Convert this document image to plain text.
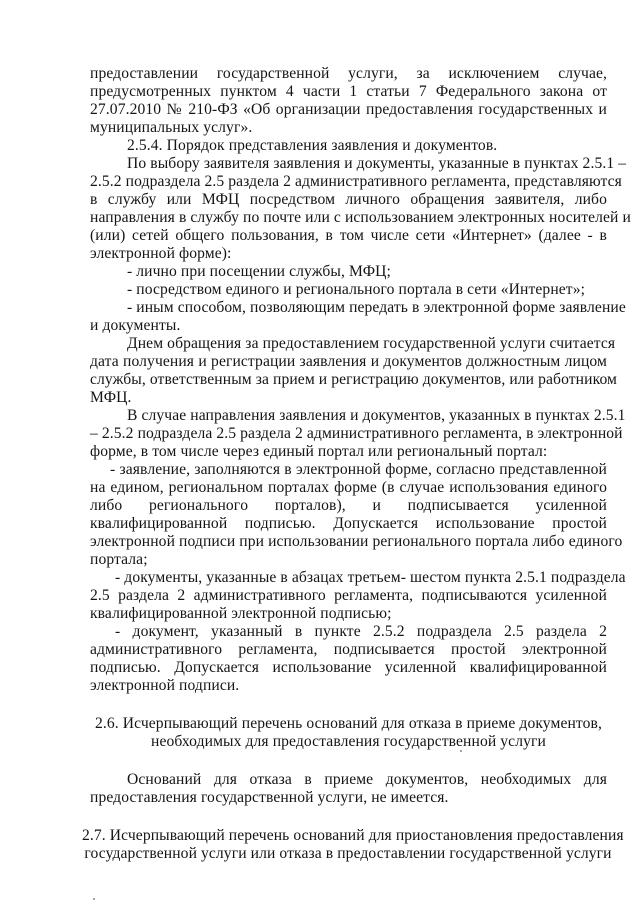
предоставлении государственной услуги, за исключением случае,
предусмотренных пунктом 4 части 1 статьи 7 Федерального закона от
27.07.2010 № 210-ФЗ «Об организации предоставления государственных и
муниципальных услуг».
2.5.4. Порядок представления заявления и документов.
По выбору заявителя заявления и документы, указанные в пунктах 2.5.1 –
2.5.2 подраздела 2.5 раздела 2 административного регламента, представляются
в службу или МФЦ посредством личного обращения заявителя, либо
направления в службу по почте или с использованием электронных носителей и
(или) сетей общего пользования, в том числе сети «Интернет» (далее - в
электронной форме):
- лично при посещении службы, МФЦ;
- посредством единого и регионального портала в сети «Интернет»;
- иным способом, позволяющим передать в электронной форме заявление
и документы.
Днем обращения за предоставлением государственной услуги считается
дата получения и регистрации заявления и документов должностным лицом
службы, ответственным за прием и регистрацию документов, или работником
МФЦ.
В случае направления заявления и документов, указанных в пунктах 2.5.1
– 2.5.2 подраздела 2.5 раздела 2 административного регламента, в электронной
форме, в том числе через единый портал или региональный портал:
- заявление, заполняются в электронной форме, согласно представленной
на едином, региональном порталах форме (в случае использования единого
либо региональногo порталов), и подписывается усиленной
квалифицированной подписью. Допускается использование простой
электронной подписи при использовании регионального портала либо единого
портала;
- документы, указанные в абзацах третьем- шестом пункта 2.5.1 подраздела
2.5 раздела 2 административного регламента, подписываются усиленной
квалифицированной электронной подписью;
- документ, указанный в пункте 2.5.2 подраздела 2.5 раздела 2
административного регламента, подписывается простой электронной
подписью. Допускается использование усиленной квалифицированной
электронной подписи.
2.6. Исчерпывающий перечень оснований для отказа в приеме документов,
необходимых для предоставления государственной услуги
Оснований для отказа в приеме документов, необходимых для
предоставления государственной услуги, не имеется.
2.7. Исчерпывающий перечень оснований для приостановления предоставления
государственной услуги или отказа в предоставлении государственной услуги
